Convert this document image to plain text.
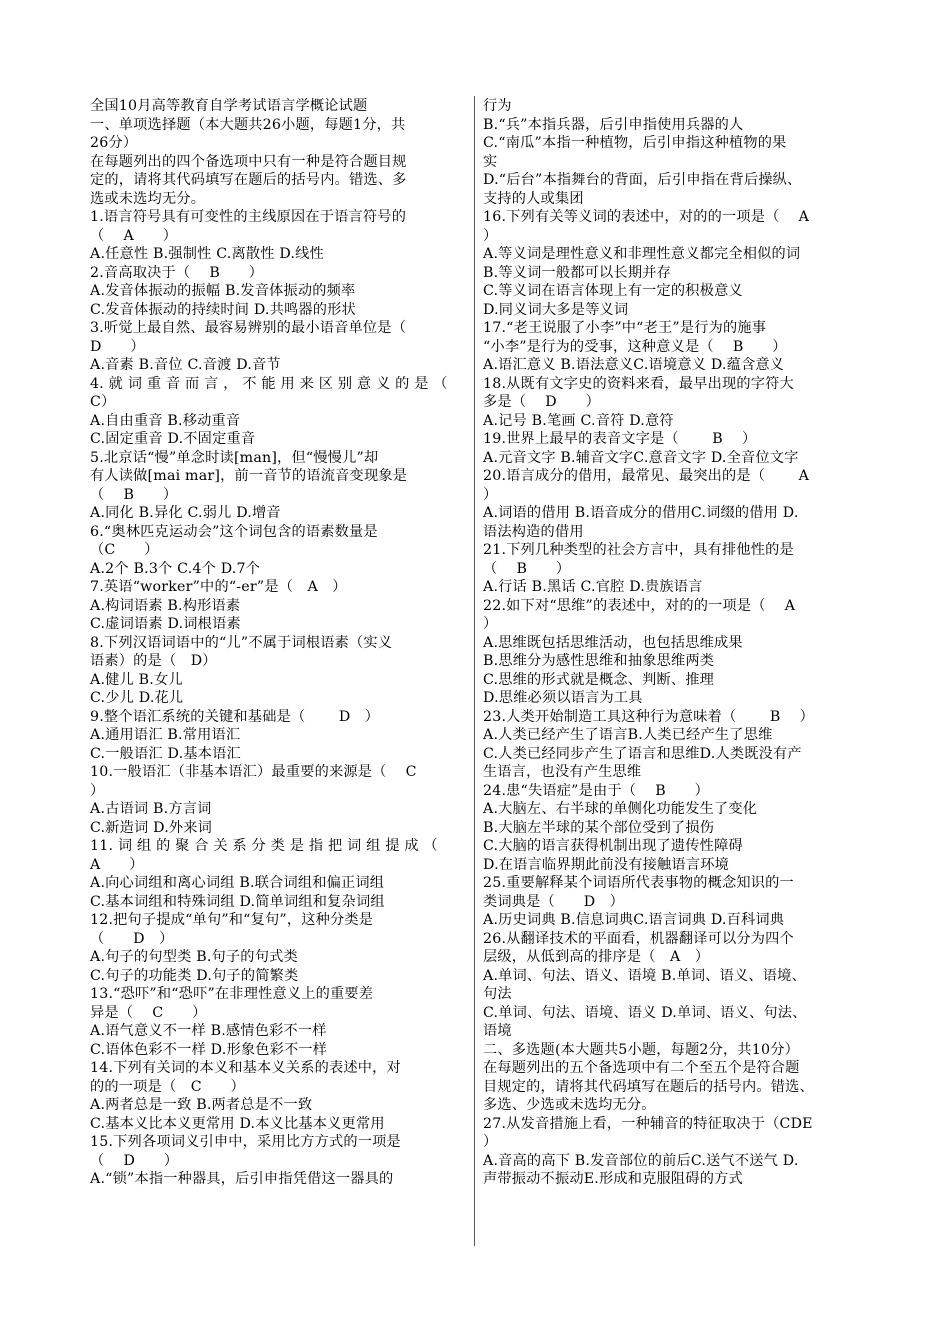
全国10月高等教育自学考试语言学概论试题
一、单项选择题（本大题共26小题，每题1分，共
26分）
在每题列出的四个备选项中只有一种是符合题目规
定的，请将其代码填写在题后的括号内。错选、多
选或未选均无分。
1.语言符号具有可变性的主线原因在于语言符号的
（　 A　　）
A.任意性 B.强制性 C.离散性 D.线性
2.音高取决于（　 B　　）
A.发音体振动的振幅 B.发音体振动的频率
C.发音体振动的持续时间 D.共鸣器的形状
3.听觉上最自然、最容易辨别的最小语音单位是（
D　　）
A.音素 B.音位 C.音渡 D.音节
4. 就 词 重 音 而 言 ， 不 能 用 来 区 别 意 义 的 是 （
C）
A.自由重音 B.移动重音
C.固定重音 D.不固定重音
5.北京话“慢”单念时读[man]，但“慢慢儿”却
有人读做[mai mar]，前一音节的语流音变现象是
（　 B　　）
A.同化 B.异化 C.弱儿 D.增音
6.“奥林匹克运动会”这个词包含的语素数量是
（C　　）
A.2个 B.3个 C.4个 D.7个
7.英语“worker”中的“-er”是（　A　）
A.构词语素 B.构形语素
C.虚词语素 D.词根语素
8.下列汉语词语中的“儿”不属于词根语素（实义
语素）的是（　D）
A.健儿 B.女儿
C.少儿 D.花儿
9.整个语汇系统的关键和基础是（　　 D　）
A.通用语汇 B.常用语汇
C.一般语汇 D.基本语汇
10.一般语汇（非基本语汇）最重要的来源是（　 C
）
A.古语词 B.方言词
C.新造词 D.外来词
11. 词 组 的 聚 合 关 系 分 类 是 指 把 词 组 提 成 （
A　　）
A.向心词组和离心词组 B.联合词组和偏正词组
C.基本词组和特殊词组 D.简单词组和复杂词组
12.把句子提成“单句”和“复句”，这种分类是
（　　D　）
A.句子的句型类 B.句子的句式类
C.句子的功能类 D.句子的简繁类
13.“恐吓”和“恐吓”在非理性意义上的重要差
异是（　 C　　）
A.语气意义不一样 B.感情色彩不一样
C.语体色彩不一样 D.形象色彩不一样
14.下列有关词的本义和基本义关系的表述中，对
的的一项是（　C　　）
A.两者总是一致 B.两者总是不一致
C.基本义比本义更常用 D.本义比基本义更常用
15.下列各项词义引申中，采用比方方式的一项是
（　 D　　）
A.“锁”本指一种器具，后引申指凭借这一器具的
行为
B.“兵”本指兵器，后引申指使用兵器的人
C.“南瓜”本指一种植物，后引申指这种植物的果
实
D.“后台”本指舞台的背面，后引申指在背后操纵、
支持的人或集团
16.下列有关等义词的表述中，对的的一项是（　 A
）
A.等义词是理性意义和非理性意义都完全相似的词
B.等义词一般都可以长期并存
C.等义词在语言体现上有一定的积极意义
D.同义词大多是等义词
17.“老王说服了小李”中“老王”是行为的施事
“小李”是行为的受事，这种意义是（　 B　　）
A.语汇意义 B.语法意义C.语境意义 D.蕴含意义
18.从既有文字史的资料来看，最早出现的字符大
多是（　 D　　）
A.记号 B.笔画 C.音符 D.意符
19.世界上最早的表音文字是（　　 B　 ）
A.元音文字 B.辅音文字C.意音文字 D.全音位文字
20.语言成分的借用，最常见、最突出的是（　　 A
）
A.词语的借用 B.语音成分的借用C.词缀的借用 D.
语法构造的借用
21.下列几种类型的社会方言中，具有排他性的是
（　 B　　）
A.行话 B.黑话 C.官腔 D.贵族语言
22.如下对“思维”的表述中，对的的一项是（　 A
）
A.思维既包括思维活动，也包括思维成果
B.思维分为感性思维和抽象思维两类
C.思维的形式就是概念、判断、推理
D.思维必须以语言为工具
23.人类开始制造工具这种行为意味着（　　 B　 ）
A.人类已经产生了语言B.人类已经产生了思维
C.人类已经同步产生了语言和思维D.人类既没有产
生语言，也没有产生思维
24.患“失语症”是由于（　 B　　）
A.大脑左、右半球的单侧化功能发生了变化
B.大脑左半球的某个部位受到了损伤
C.大脑的语言获得机制出现了遗传性障碍
D.在语言临界期此前没有接触语言环境
25.重要解释某个词语所代表事物的概念知识的一
类词典是（　　D　）
A.历史词典 B.信息词典C.语言词典 D.百科词典
26.从翻译技术的平面看，机器翻译可以分为四个
层级，从低到高的排序是（　A　）
A.单词、句法、语义、语境 B.单词、语义、语境、
句法
C.单词、句法、语境、语义 D.单词、语义、句法、
语境
二、多选题(本大题共5小题，每题2分，共10分）
在每题列出的五个备选项中有二个至五个是符合题
目规定的，请将其代码填写在题后的括号内。错选、
多选、少选或未选均无分。
27.从发音措施上看，一种辅音的特征取决于（CDE
）
A.音高的高下 B.发音部位的前后C.送气不送气 D.
声带振动不振动E.形成和克服阻碍的方式
